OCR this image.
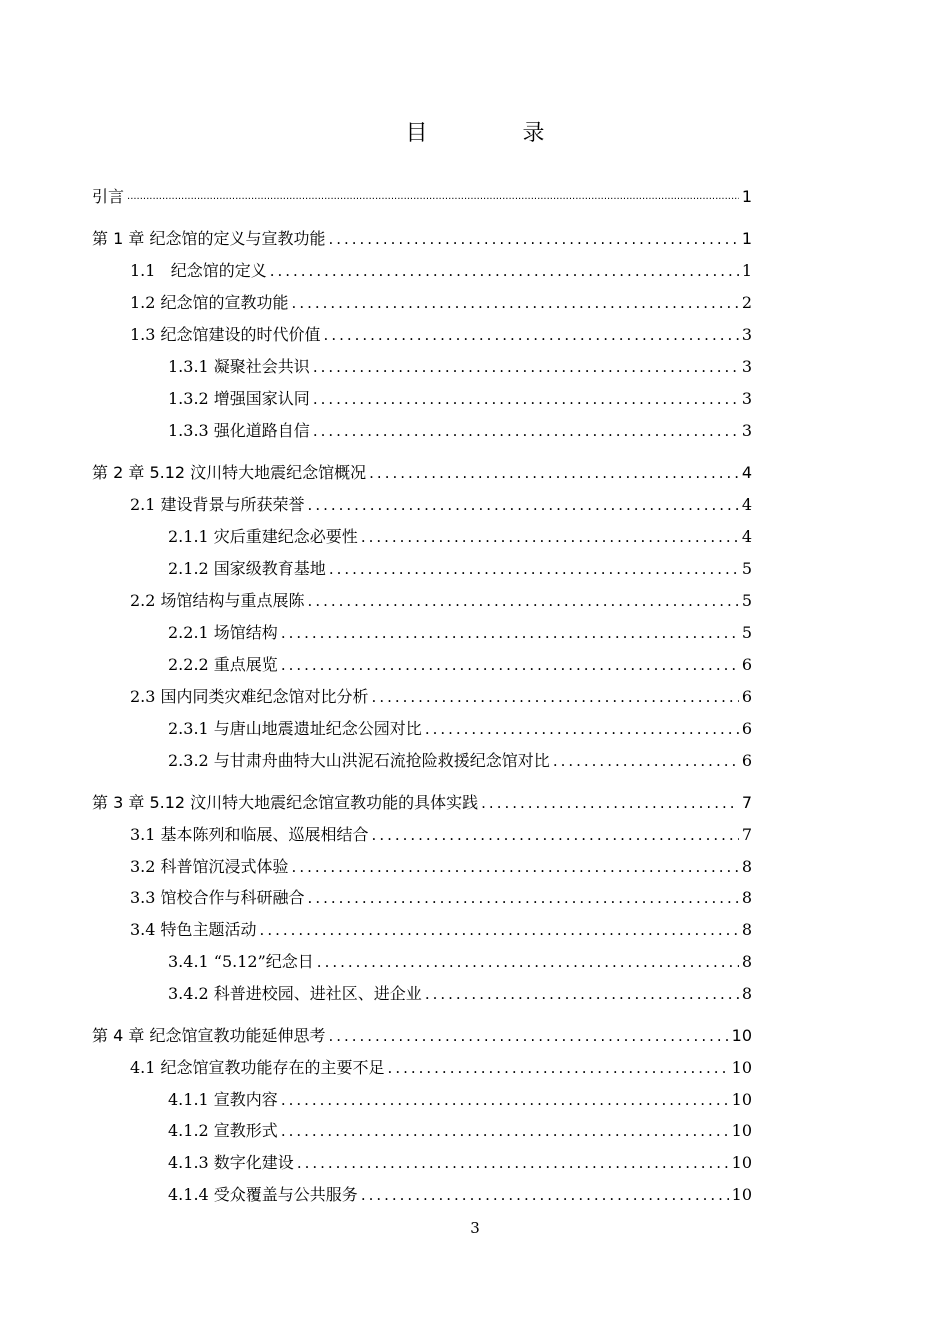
目 录
引言 .....	1
第 1 章 纪念馆的定义与宣教功能 .....	1
1.1   纪念馆的定义 .....	1
1.2 纪念馆的宣教功能 .....	2
1.3 纪念馆建设的时代价值 .....	3
1.3.1 凝聚社会共识 .....	3
1.3.2 增强国家认同 .....	3
1.3.3 强化道路自信 .....	3
第 2 章 5.12 汶川特大地震纪念馆概况 .....	4
2.1 建设背景与所获荣誉 .....	4
2.1.1 灾后重建纪念必要性 .....	4
2.1.2 国家级教育基地 .....	5
2.2 场馆结构与重点展陈 .....	5
2.2.1 场馆结构 .....	5
2.2.2 重点展览 .....	6
2.3 国内同类灾难纪念馆对比分析 .....	6
2.3.1 与唐山地震遗址纪念公园对比 .....	6
2.3.2 与甘肃舟曲特大山洪泥石流抢险救援纪念馆对比 .....	6
第 3 章 5.12 汶川特大地震纪念馆宣教功能的具体实践 .....	7
3.1 基本陈列和临展、巡展相结合 .....	7
3.2 科普馆沉浸式体验 .....	8
3.3 馆校合作与科研融合 .....	8
3.4 特色主题活动 .....	8
3.4.1 “5.12”纪念日 .....	8
3.4.2 科普进校园、进社区、进企业 .....	8
第 4 章 纪念馆宣教功能延伸思考 .....	10
4.1 纪念馆宣教功能存在的主要不足 .....	10
4.1.1 宣教内容 .....	10
4.1.2 宣教形式 .....	10
4.1.3 数字化建设 .....	10
4.1.4 受众覆盖与公共服务 .....	10
3
